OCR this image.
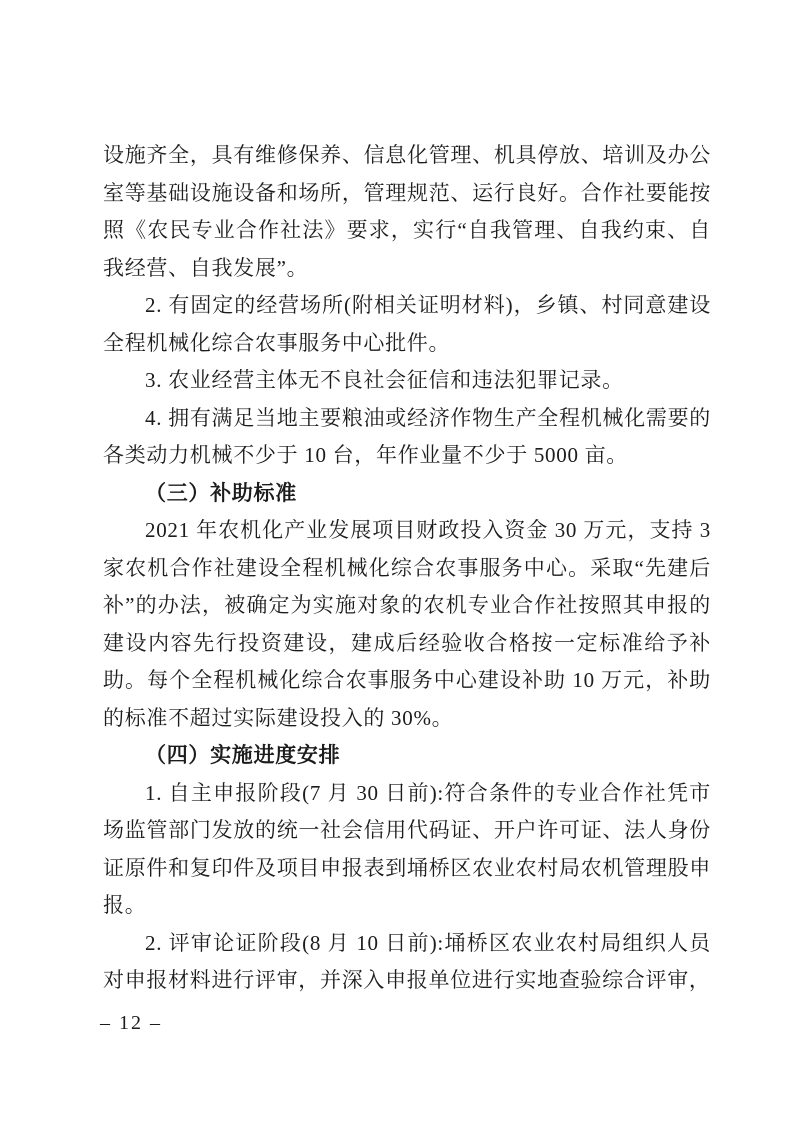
设施齐全，具有维修保养、信息化管理、机具停放、培训及办公室等基础设施设备和场所，管理规范、运行良好。合作社要能按照《农民专业合作社法》要求，实行“自我管理、自我约束、自我经营、自我发展”。

2. 有固定的经营场所(附相关证明材料)，乡镇、村同意建设全程机械化综合农事服务中心批件。

3. 农业经营主体无不良社会征信和违法犯罪记录。

4. 拥有满足当地主要粮油或经济作物生产全程机械化需要的各类动力机械不少于 10 台，年作业量不少于 5000 亩。

（三）补助标准

2021 年农机化产业发展项目财政投入资金 30 万元，支持 3 家农机合作社建设全程机械化综合农事服务中心。采取“先建后补”的办法，被确定为实施对象的农机专业合作社按照其申报的建设内容先行投资建设，建成后经验收合格按一定标准给予补助。每个全程机械化综合农事服务中心建设补助 10 万元，补助的标准不超过实际建设投入的 30%。

（四）实施进度安排

1. 自主申报阶段(7 月 30 日前):符合条件的专业合作社凭市场监管部门发放的统一社会信用代码证、开户许可证、法人身份证原件和复印件及项目申报表到埇桥区农业农村局农机管理股申报。

2. 评审论证阶段(8 月 10 日前):埇桥区农业农村局组织人员对申报材料进行评审，并深入申报单位进行实地查验综合评审，

– 12 –
